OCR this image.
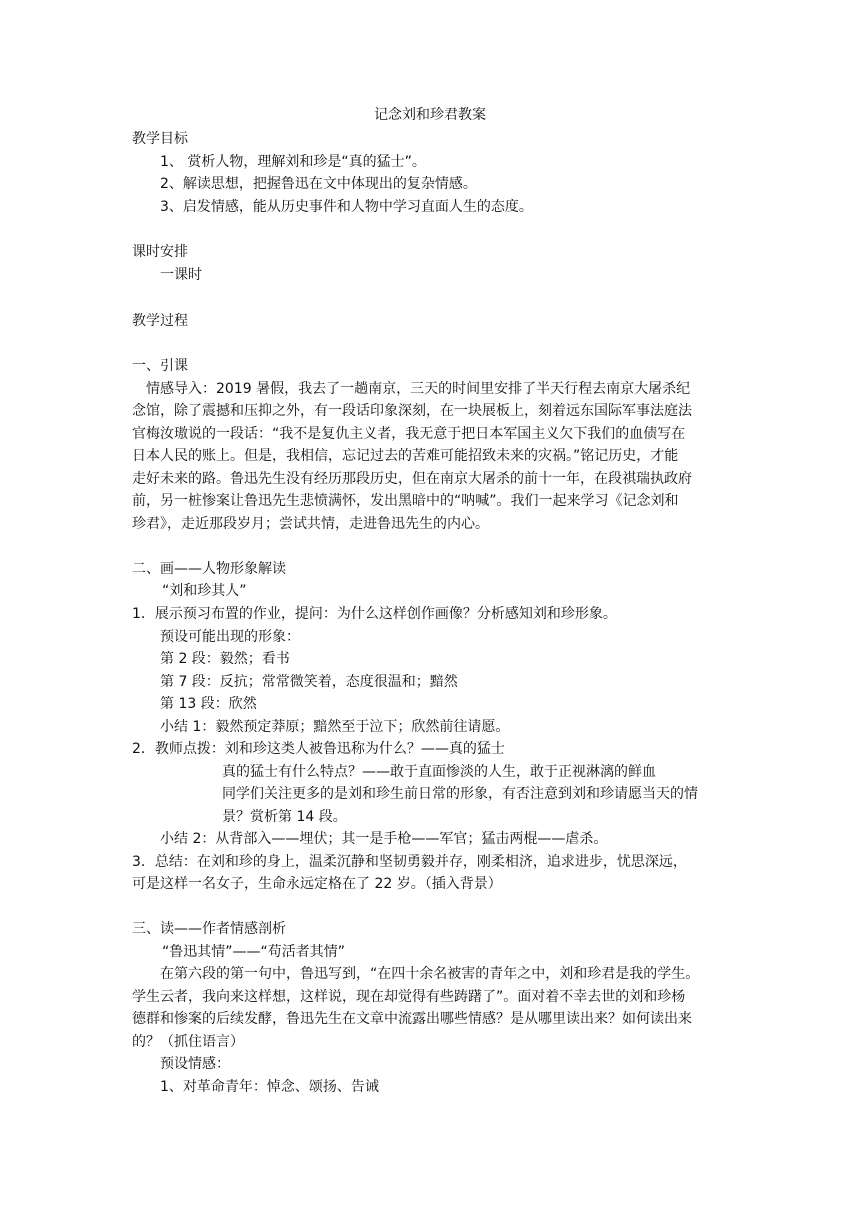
记念刘和珍君教案
教学目标
1、 赏析人物，理解刘和珍是“真的猛士”。
2、解读思想，把握鲁迅在文中体现出的复杂情感。
3、启发情感，能从历史事件和人物中学习直面人生的态度。
课时安排
一课时
教学过程
一、引课
情感导入：2019 暑假，我去了一趟南京，三天的时间里安排了半天行程去南京大屠杀纪
念馆，除了震撼和压抑之外，有一段话印象深刻，在一块展板上，刻着远东国际军事法庭法
官梅汝璈说的一段话：“我不是复仇主义者，我无意于把日本军国主义欠下我们的血债写在
日本人民的账上。但是，我相信，忘记过去的苦难可能招致未来的灾祸。”铭记历史，才能
走好未来的路。鲁迅先生没有经历那段历史，但在南京大屠杀的前十一年，在段祺瑞执政府
前，另一桩惨案让鲁迅先生悲愤满怀，发出黑暗中的“呐喊”。我们一起来学习《记念刘和
珍君》，走近那段岁月；尝试共情，走进鲁迅先生的内心。
二、画——人物形象解读
“刘和珍其人”
1．展示预习布置的作业，提问：为什么这样创作画像？分析感知刘和珍形象。
预设可能出现的形象：
第 2 段：毅然；看书
第 7 段：反抗；常常微笑着，态度很温和；黯然
第 13 段：欣然
小结 1：毅然预定莽原；黯然至于泣下；欣然前往请愿。
2．教师点拨：刘和珍这类人被鲁迅称为什么？——真的猛士
真的猛士有什么特点？——敢于直面惨淡的人生，敢于正视淋漓的鲜血
同学们关注更多的是刘和珍生前日常的形象，有否注意到刘和珍请愿当天的情
景？赏析第 14 段。
小结 2：从背部入——埋伏；其一是手枪——军官；猛击两棍——虐杀。
3．总结：在刘和珍的身上，温柔沉静和坚韧勇毅并存，刚柔相济，追求进步，忧思深远，
可是这样一名女子，生命永远定格在了 22 岁。（插入背景）
三、读——作者情感剖析
“鲁迅其情”——“苟活者其情”
在第六段的第一句中，鲁迅写到，“在四十余名被害的青年之中，刘和珍君是我的学生。
学生云者，我向来这样想，这样说，现在却觉得有些踌躇了”。面对着不幸去世的刘和珍杨
德群和惨案的后续发酵，鲁迅先生在文章中流露出哪些情感？是从哪里读出来？如何读出来
的？（抓住语言）
预设情感：
1、对革命青年：悼念、颂扬、告诫
